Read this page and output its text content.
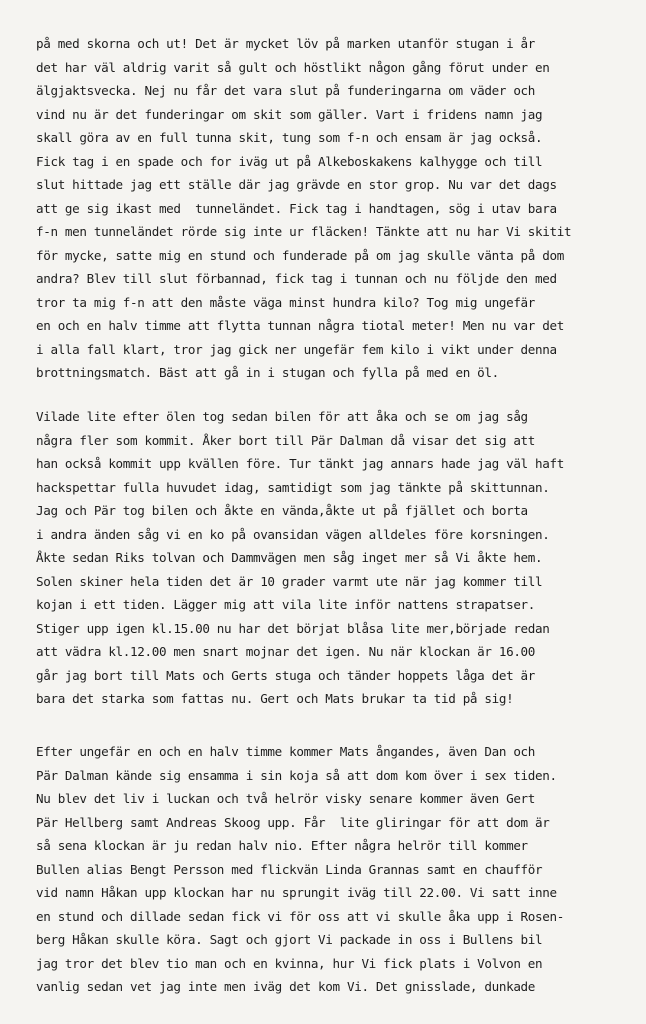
på med skorna och ut! Det är mycket löv på marken utanför stugan i år
det har väl aldrig varit så gult och höstlikt någon gång förut under en
älgjaktsvecka. Nej nu får det vara slut på funderingarna om väder och
vind nu är det funderingar om skit som gäller. Vart i fridens namn jag
skall göra av en full tunna skit, tung som f-n och ensam är jag också.
Fick tag i en spade och for iväg ut på Alkeboskakens kalhygge och till
slut hittade jag ett ställe där jag grävde en stor grop. Nu var det dags
att ge sig ikast med  tunneländet. Fick tag i handtagen, sög i utav bara
f-n men tunneländet rörde sig inte ur fläcken! Tänkte att nu har Vi skitit
för mycke, satte mig en stund och funderade på om jag skulle vänta på dom
andra? Blev till slut förbannad, fick tag i tunnan och nu följde den med
tror ta mig f-n att den måste väga minst hundra kilo? Tog mig ungefär
en och en halv timme att flytta tunnan några tiotal meter! Men nu var det
i alla fall klart, tror jag gick ner ungefär fem kilo i vikt under denna
brottningsmatch. Bäst att gå in i stugan och fylla på med en öl.
Vilade lite efter ölen tog sedan bilen för att åka och se om jag såg
några fler som kommit. Åker bort till Pär Dalman då visar det sig att
han också kommit upp kvällen före. Tur tänkt jag annars hade jag väl haft
hackspettar fulla huvudet idag, samtidigt som jag tänkte på skittunnan.
Jag och Pär tog bilen och åkte en vända,åkte ut på fjället och borta
i andra änden såg vi en ko på ovansidan vägen alldeles före korsningen.
Åkte sedan Riks tolvan och Dammvägen men såg inget mer så Vi åkte hem.
Solen skiner hela tiden det är 10 grader varmt ute när jag kommer till
kojan i ett tiden. Lägger mig att vila lite inför nattens strapatser.
Stiger upp igen kl.15.00 nu har det börjat blåsa lite mer,började redan
att vädra kl.12.00 men snart mojnar det igen. Nu när klockan är 16.00
går jag bort till Mats och Gerts stuga och tänder hoppets låga det är
bara det starka som fattas nu. Gert och Mats brukar ta tid på sig!
Efter ungefär en och en halv timme kommer Mats ångandes, även Dan och
Pär Dalman kände sig ensamma i sin koja så att dom kom över i sex tiden.
Nu blev det liv i luckan och två helrör visky senare kommer även Gert
Pär Hellberg samt Andreas Skoog upp. Får  lite gliringar för att dom är
så sena klockan är ju redan halv nio. Efter några helrör till kommer
Bullen alias Bengt Persson med flickvän Linda Grannas samt en chaufför
vid namn Håkan upp klockan har nu sprungit iväg till 22.00. Vi satt inne
en stund och dillade sedan fick vi för oss att vi skulle åka upp i Rosen-
berg Håkan skulle köra. Sagt och gjort Vi packade in oss i Bullens bil
jag tror det blev tio man och en kvinna, hur Vi fick plats i Volvon en
vanlig sedan vet jag inte men iväg det kom Vi. Det gnisslade, dunkade
